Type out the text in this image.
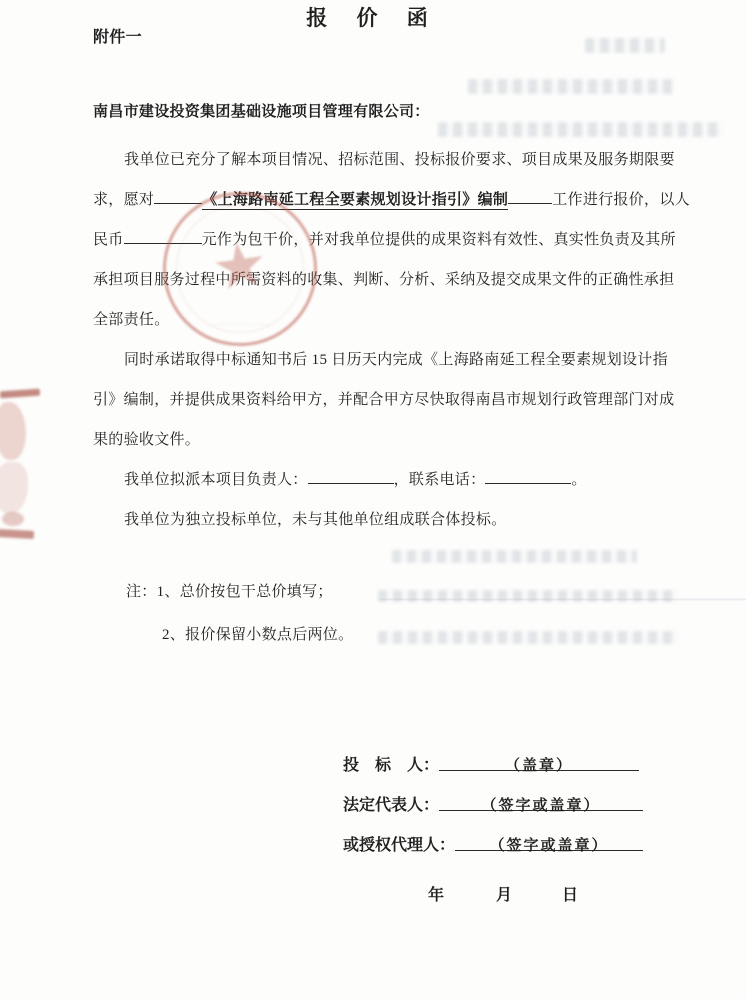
附件一
报 价 函
南昌市建设投资集团基础设施项目管理有限公司：
我单位已充分了解本项目情况、招标范围、投标报价要求、项目成果及服务期限要
求，愿对	《上海路南延工程全要素规划设计指引》编制	工作进行报价，以人
民币	元作为包干价，并对我单位提供的成果资料有效性、真实性负责及其所
承担项目服务过程中所需资料的收集、判断、分析、采纳及提交成果文件的正确性承担
全部责任。
同时承诺取得中标通知书后 15 日历天内完成《上海路南延工程全要素规划设计指
引》编制，并提供成果资料给甲方，并配合甲方尽快取得南昌市规划行政管理部门对成
果的验收文件。
我单位拟派本项目负责人：	，联系电话：	。
我单位为独立投标单位，未与其他单位组成联合体投标。
注：1、总价按包干总价填写；
2、报价保留小数点后两位。
投　标　人：	（盖章）
法定代表人：	（签字或盖章）
或授权代理人： （签字或盖章）
年	月	日
★
··············
